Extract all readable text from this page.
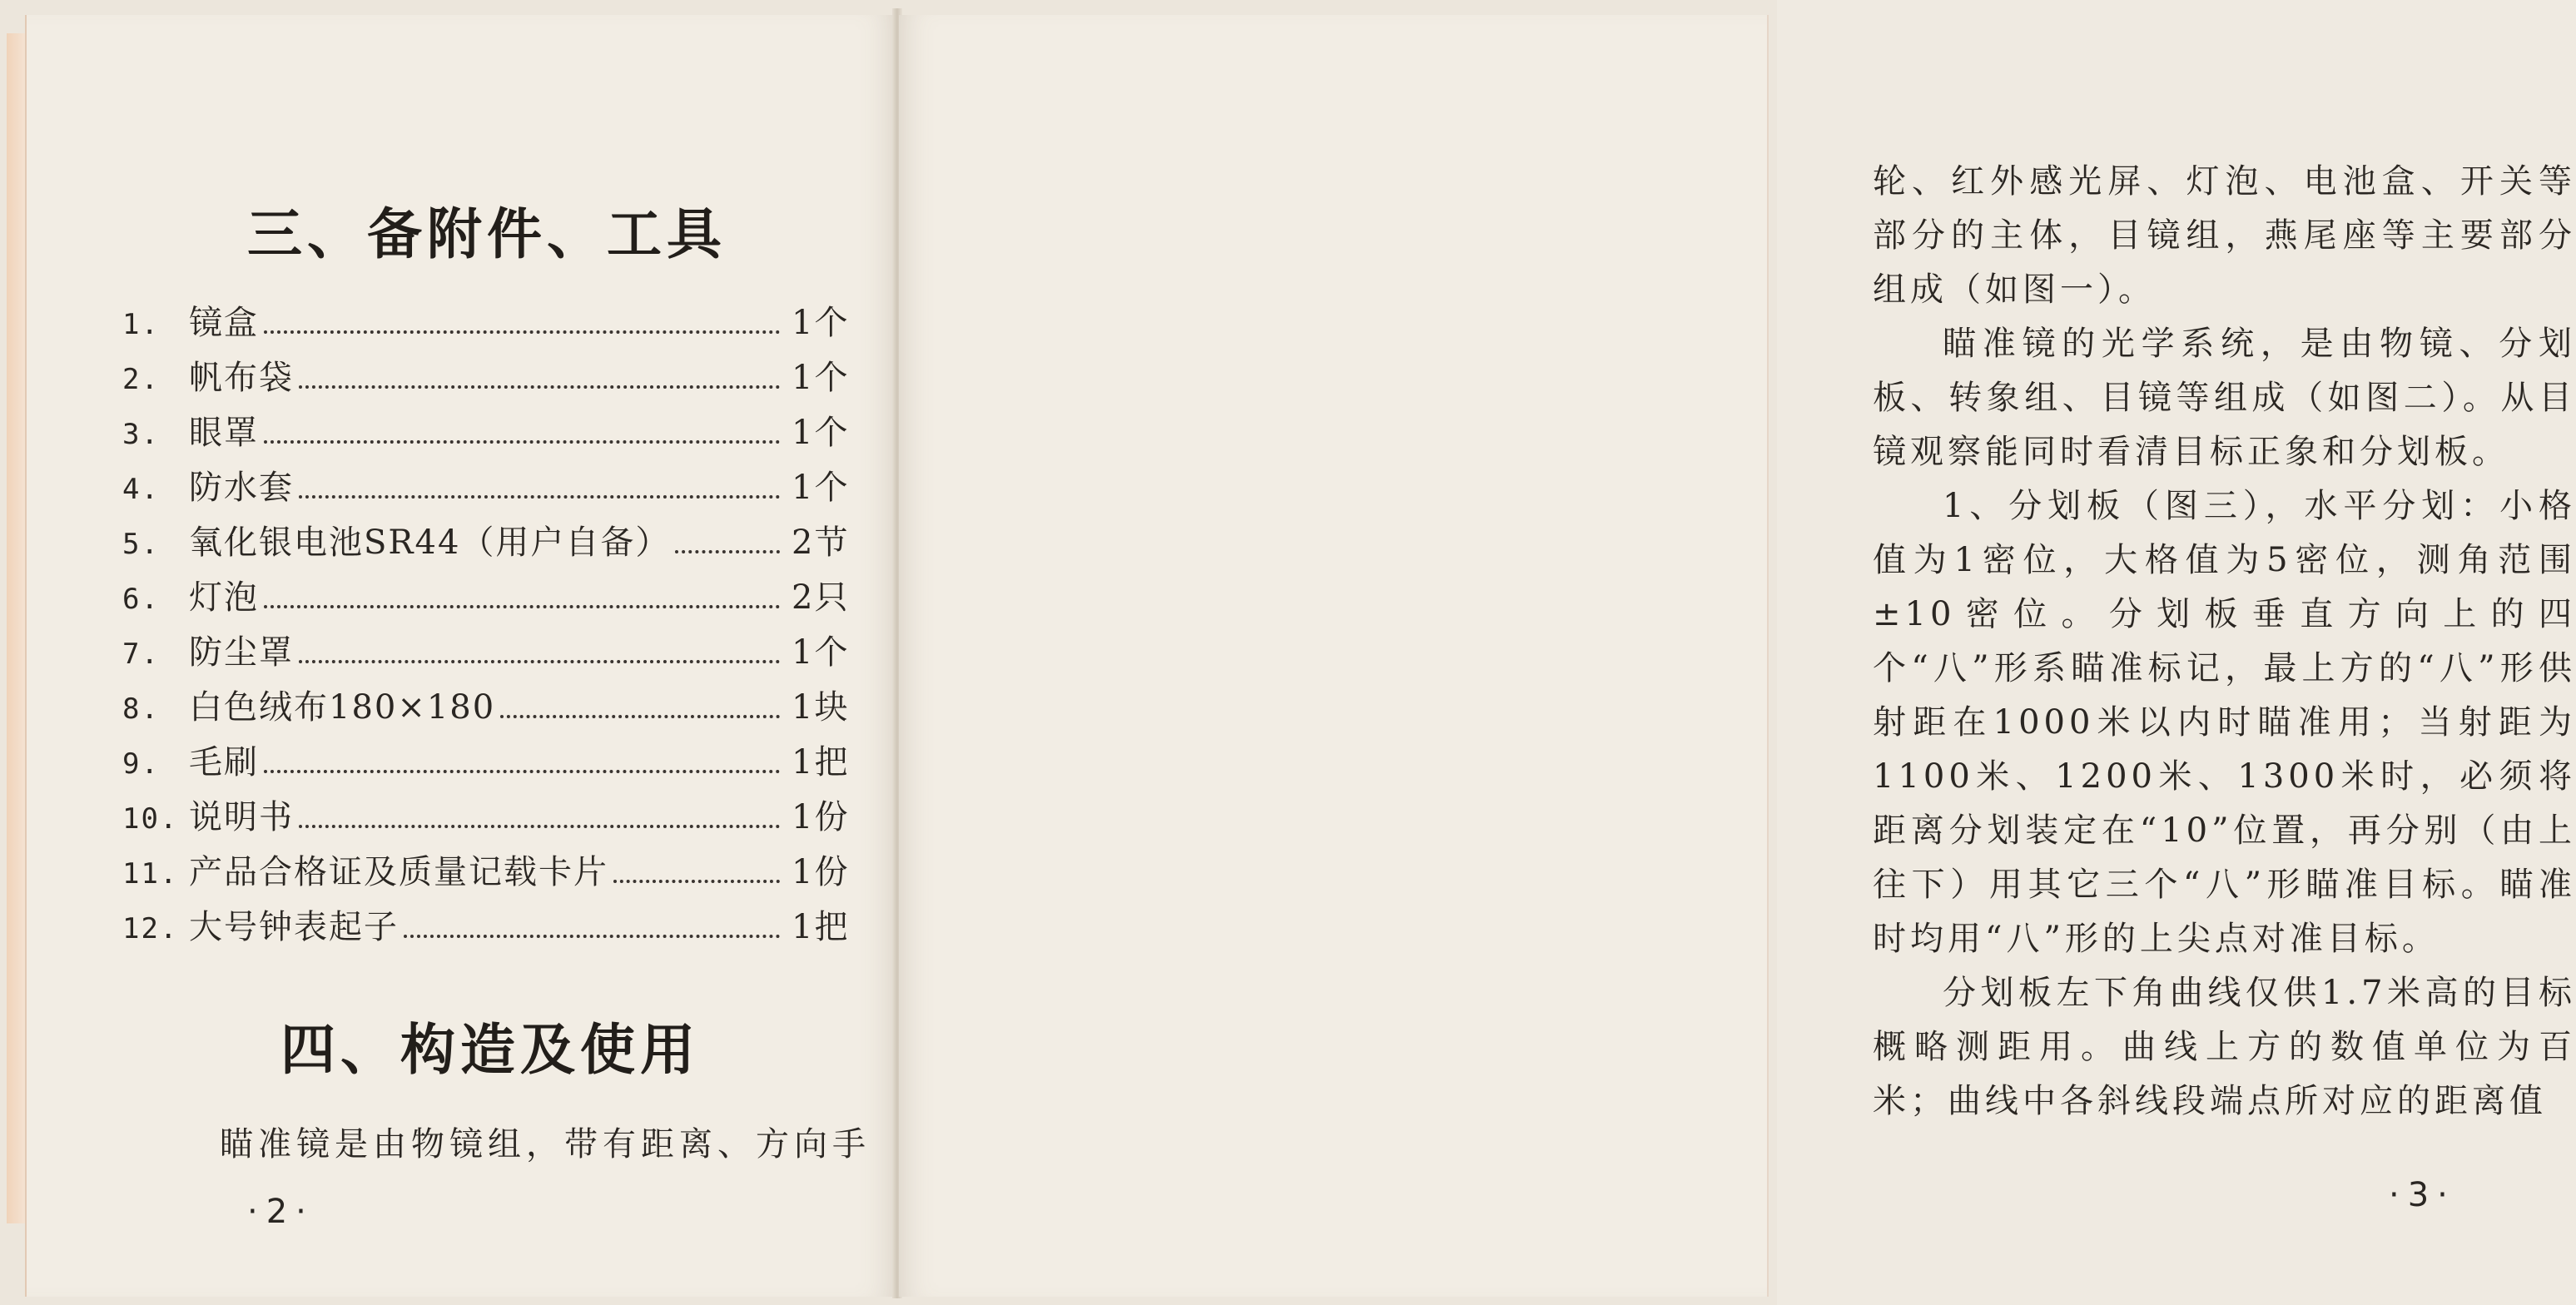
三、备附件、工具
1. 镜盒	1个
2. 帆布袋	1个
3. 眼罩	1个
4. 防水套	1个
5. 氧化银电池SR44（用户自备）	2节
6. 灯泡	2只
7. 防尘罩	1个
8. 白色绒布180×180	1块
9. 毛刷	1把
10. 说明书	1份
11. 产品合格证及质量记载卡片	1份
12. 大号钟表起子	1把
四、构造及使用
瞄准镜是由物镜组，带有距离、方向手
·2·

轮、红外感光屏、灯泡、电池盒、开关等部分的主体，目镜组，燕尾座等主要部分组成（如图一）。

瞄准镜的光学系统，是由物镜、分划板、转象组、目镜等组成（如图二）。从目镜观察能同时看清目标正象和分划板。

1、分划板（图三），水平分划：小格值为1密位，大格值为5密位，测角范围±10密位。分划板垂直方向上的四个“八”形系瞄准标记，最上方的“八”形供射距在1000米以内时瞄准用；当射距为1100米、1200米、1300米时，必须将距离分划装定在“10”位置，再分别（由上往下）用其它三个“八”形瞄准目标。瞄准时均用“八”形的上尖点对准目标。

分划板左下角曲线仅供1.7米高的目标概略测距用。曲线上方的数值单位为百米；曲线中各斜线段端点所对应的距离值

·3·
